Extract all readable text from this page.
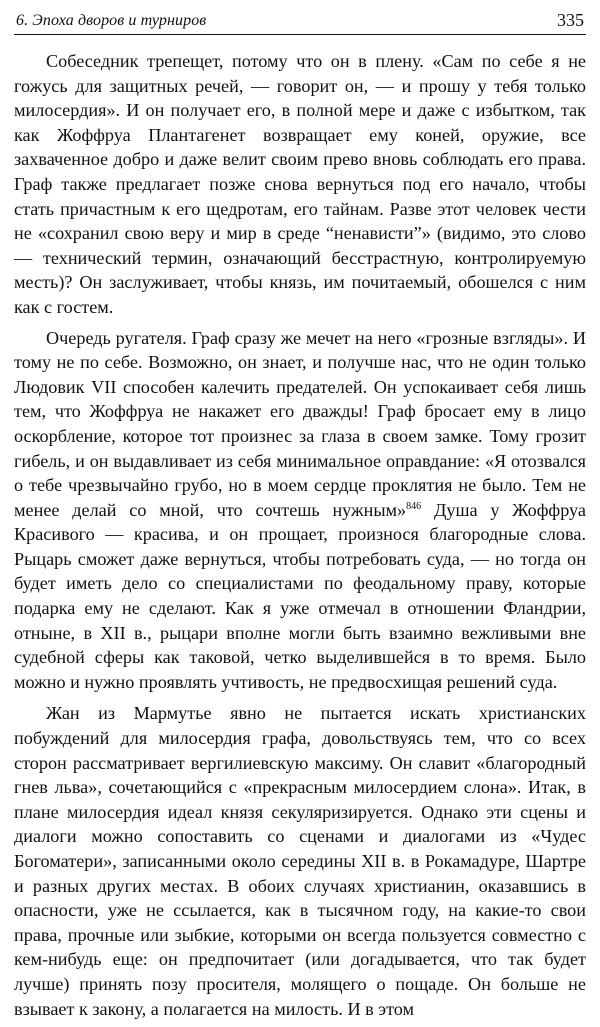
6. Эпоха дворов и турниров	335

Собеседник трепещет, потому что он в плену. «Сам по себе я не гожусь для защитных речей, — говорит он, — и прошу у тебя только милосердия». И он получает его, в полной мере и даже с избытком, так как Жоффруа Плантагенет возвращает ему коней, оружие, все захваченное добро и даже велит своим прево вновь соблюдать его права. Граф также предлагает позже снова вернуться под его начало, чтобы стать причастным к его щедротам, его тайнам. Разве этот человек чести не «сохранил свою веру и мир в среде “ненависти”» (видимо, это слово — технический термин, означающий бесстрастную, контролируемую месть)? Он заслуживает, чтобы князь, им почитаемый, обошелся с ним как с гостем.

Очередь ругателя. Граф сразу же мечет на него «грозные взгляды». И тому не по себе. Возможно, он знает, и получше нас, что не один только Людовик VII способен калечить предателей. Он успокаивает себя лишь тем, что Жоффруа не накажет его дважды! Граф бросает ему в лицо оскорбление, которое тот произнес за глаза в своем замке. Тому грозит гибель, и он выдавливает из себя минимальное оправдание: «Я отозвался о тебе чрезвычайно грубо, но в моем сердце проклятия не было. Тем не менее делай со мной, что сочтешь нужным»$^{846}$ Душа у Жоффруа Красивого — красива, и он прощает, произнося благородные слова. Рыцарь сможет даже вернуться, чтобы потребовать суда, — но тогда он будет иметь дело со специалистами по феодальному праву, которые подарка ему не сделают. Как я уже отмечал в отношении Фландрии, отныне, в XII в., рыцари вполне могли быть взаимно вежливыми вне судебной сферы как таковой, четко выделившейся в то время. Было можно и нужно проявлять учтивость, не предвосхищая решений суда.

Жан из Мармутье явно не пытается искать христианских побуждений для милосердия графа, довольствуясь тем, что со всех сторон рассматривает вергилиевскую максиму. Он славит «благородный гнев льва», сочетающийся с «прекрасным милосердием слона». Итак, в плане милосердия идеал князя секуляризируется. Однако эти сцены и диалоги можно сопоставить со сценами и диалогами из «Чудес Богоматери», записанными около середины XII в. в Рокамадуре, Шартре и разных других местах. В обоих случаях христианин, оказавшись в опасности, уже не ссылается, как в тысячном году, на какие-то свои права, прочные или зыбкие, которыми он всегда пользуется совместно с кем-нибудь еще: он предпочитает (или догадывается, что так будет лучше) принять позу просителя, молящего о пощаде. Он больше не взывает к закону, а полагается на милость. И в этом
